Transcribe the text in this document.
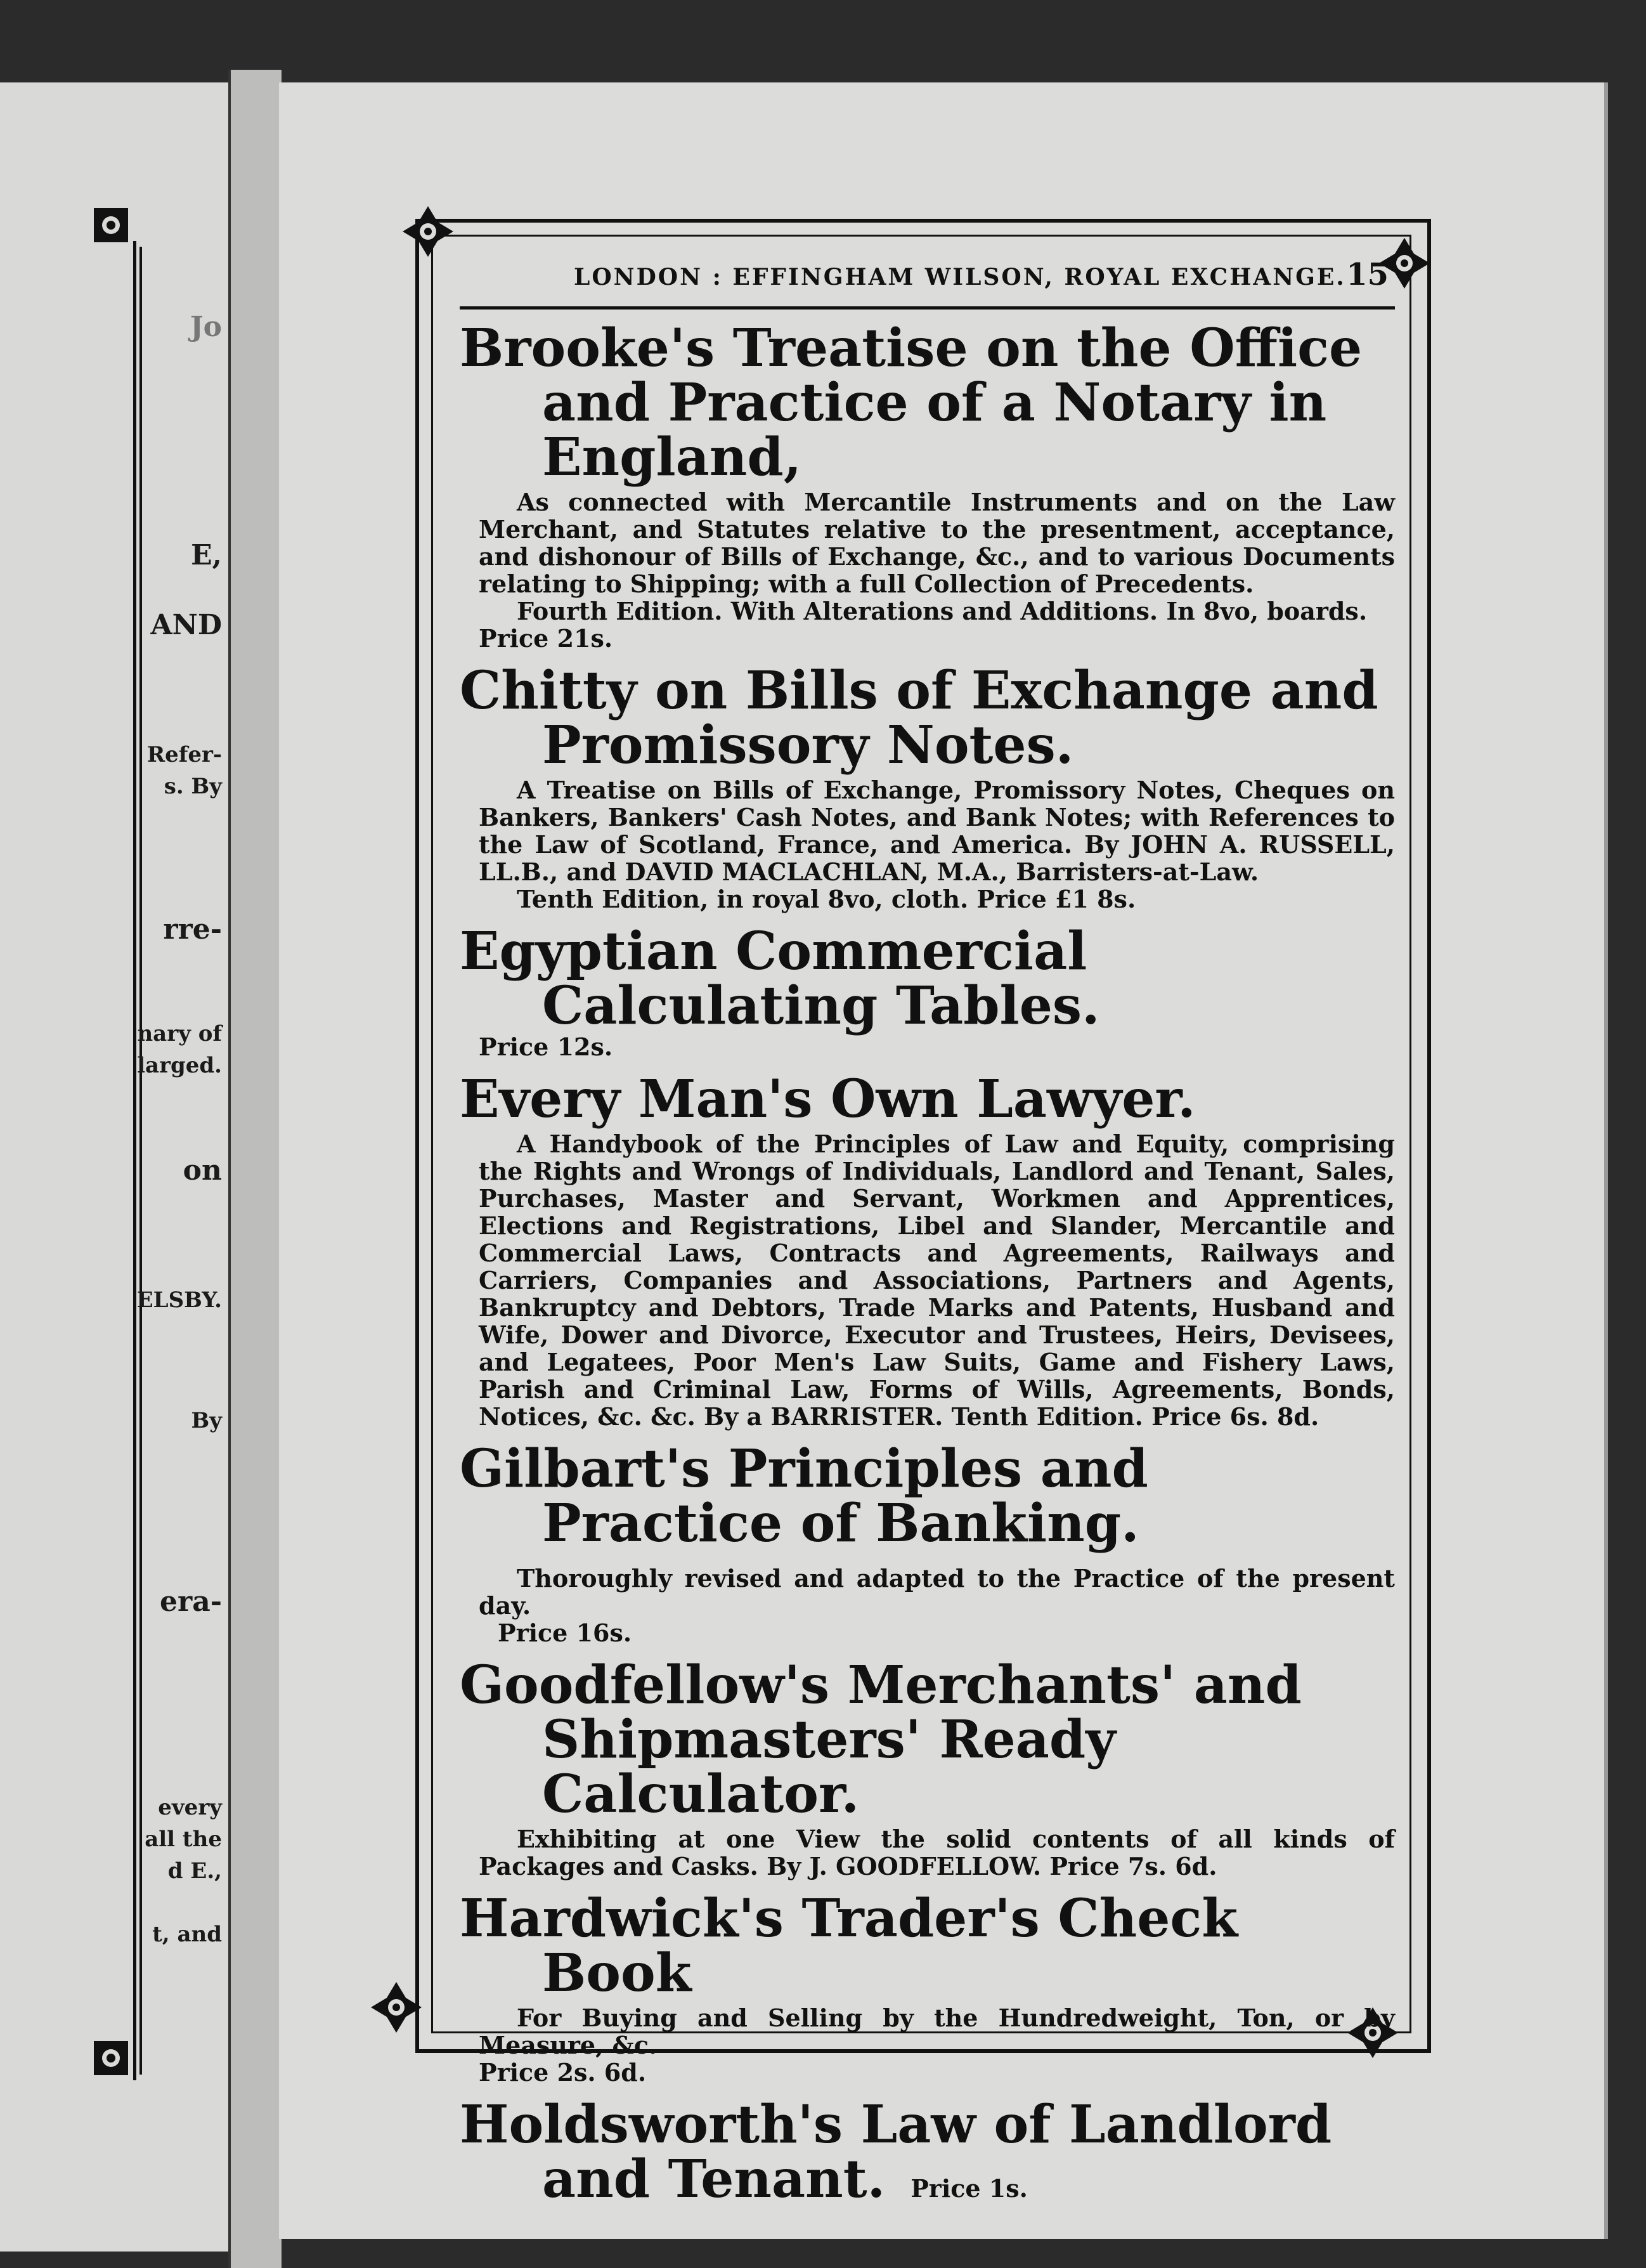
Jo
E,
AND
Refer-
s. By
rre-
nary of
larged.
on
ELSBY.
By
era-
every
all the
d E.,
t, and
LONDON : EFFINGHAM WILSON, ROYAL EXCHANGE. 15

Brooke's Treatise on the Office and Practice of a Notary in England,

As connected with Mercantile Instruments and on the Law Merchant, and Statutes relative to the presentment, acceptance, and dishonour of Bills of Exchange, &c., and to various Documents relating to Shipping; with a full Collection of Precedents.

Fourth Edition. With Alterations and Additions. In 8vo, boards.

Price 21s.

Chitty on Bills of Exchange and Promissory Notes.

A Treatise on Bills of Exchange, Promissory Notes, Cheques on Bankers, Bankers' Cash Notes, and Bank Notes; with References to the Law of Scotland, France, and America. By JOHN A. RUSSELL, LL.B., and DAVID MACLACHLAN, M.A., Barristers-at-Law.

Tenth Edition, in royal 8vo, cloth. Price £1 8s.

Egyptian Commercial Calculating Tables.

Price 12s.

Every Man's Own Lawyer.

A Handybook of the Principles of Law and Equity, comprising the Rights and Wrongs of Individuals, Landlord and Tenant, Sales, Purchases, Master and Servant, Workmen and Apprentices, Elections and Registrations, Libel and Slander, Mercantile and Commercial Laws, Contracts and Agreements, Railways and Carriers, Companies and Associations, Partners and Agents, Bankruptcy and Debtors, Trade Marks and Patents, Husband and Wife, Dower and Divorce, Executor and Trustees, Heirs, Devisees, and Legatees, Poor Men's Law Suits, Game and Fishery Laws, Parish and Criminal Law, Forms of Wills, Agreements, Bonds, Notices, &c. &c. By a BARRISTER. Tenth Edition. Price 6s. 8d.

Gilbart's Principles and Practice of Banking.

Thoroughly revised and adapted to the Practice of the present day.

Price 16s.

Goodfellow's Merchants' and Shipmasters' Ready Calculator.

Exhibiting at one View the solid contents of all kinds of Packages and Casks. By J. GOODFELLOW. Price 7s. 6d.

Hardwick's Trader's Check Book

For Buying and Selling by the Hundredweight, Ton, or by Measure, &c.

Price 2s. 6d.

Holdsworth's Law of Landlord and Tenant. Price 1s.
